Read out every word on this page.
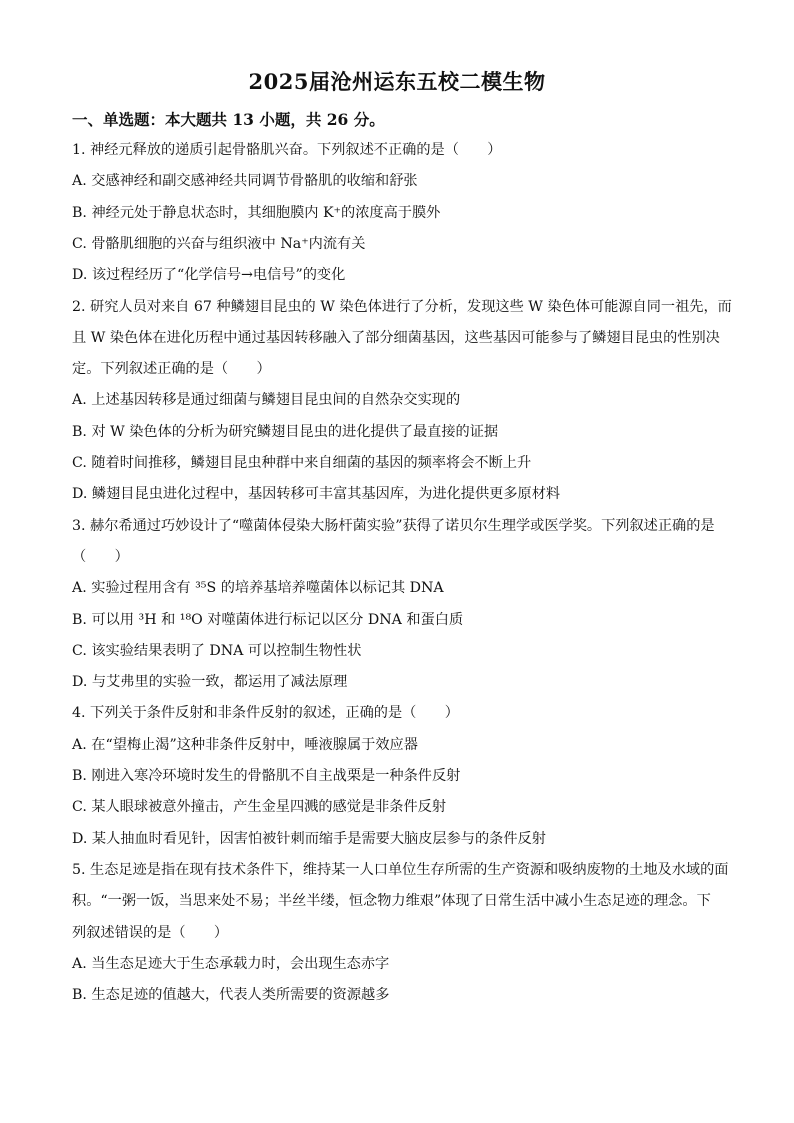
2025届沧州运东五校二模生物
一、单选题：本大题共 13 小题，共 26 分。
1. 神经元释放的递质引起骨骼肌兴奋。下列叙述不正确的是（　　）
A. 交感神经和副交感神经共同调节骨骼肌的收缩和舒张
B. 神经元处于静息状态时，其细胞膜内 K⁺的浓度高于膜外
C. 骨骼肌细胞的兴奋与组织液中 Na⁺内流有关
D. 该过程经历了“化学信号→电信号”的变化
2. 研究人员对来自 67 种鳞翅目昆虫的 W 染色体进行了分析，发现这些 W 染色体可能源自同一祖先，而
且 W 染色体在进化历程中通过基因转移融入了部分细菌基因，这些基因可能参与了鳞翅目昆虫的性别决
定。下列叙述正确的是（　　）
A. 上述基因转移是通过细菌与鳞翅目昆虫间的自然杂交实现的
B. 对 W 染色体的分析为研究鳞翅目昆虫的进化提供了最直接的证据
C. 随着时间推移，鳞翅目昆虫种群中来自细菌的基因的频率将会不断上升
D. 鳞翅目昆虫进化过程中，基因转移可丰富其基因库，为进化提供更多原材料
3. 赫尔希通过巧妙设计了“噬菌体侵染大肠杆菌实验”获得了诺贝尔生理学或医学奖。下列叙述正确的是
（　　）
A. 实验过程用含有 ³⁵S 的培养基培养噬菌体以标记其 DNA
B. 可以用 ³H 和 ¹⁸O 对噬菌体进行标记以区分 DNA 和蛋白质
C. 该实验结果表明了 DNA 可以控制生物性状
D. 与艾弗里的实验一致，都运用了减法原理
4. 下列关于条件反射和非条件反射的叙述，正确的是（　　）
A. 在“望梅止渴”这种非条件反射中，唾液腺属于效应器
B. 刚进入寒冷环境时发生的骨骼肌不自主战栗是一种条件反射
C. 某人眼球被意外撞击，产生金星四溅的感觉是非条件反射
D. 某人抽血时看见针，因害怕被针刺而缩手是需要大脑皮层参与的条件反射
5. 生态足迹是指在现有技术条件下，维持某一人口单位生存所需的生产资源和吸纳废物的土地及水域的面
积。“一粥一饭，当思来处不易；半丝半缕，恒念物力维艰”体现了日常生活中减小生态足迹的理念。下
列叙述错误的是（　　）
A. 当生态足迹大于生态承载力时，会出现生态赤字
B. 生态足迹的值越大，代表人类所需要的资源越多
